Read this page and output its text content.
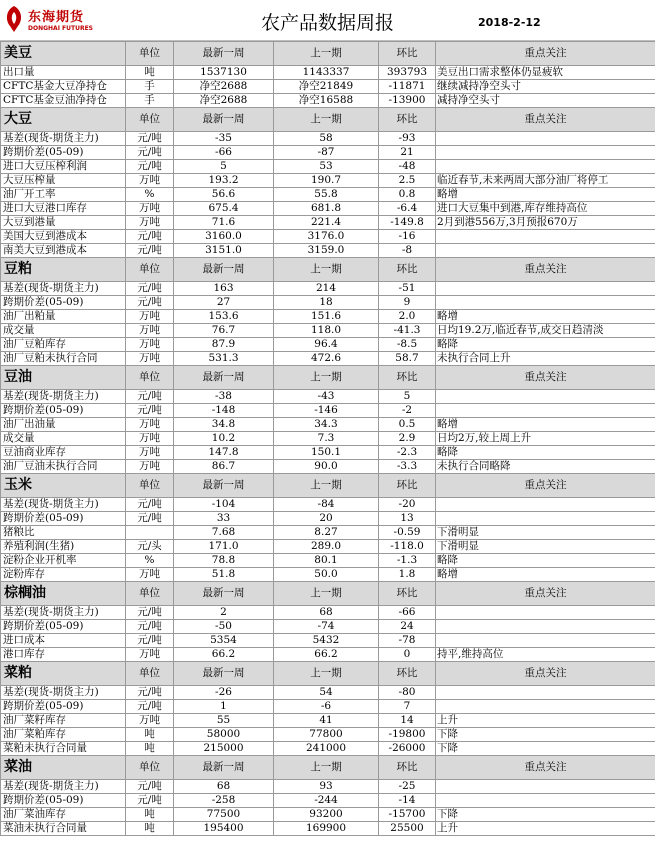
东海期货
DONGHAI FUTURES	农产品数据周报	2018-2-12
美豆	单位	最新一周	上一期	环比	重点关注
出口量	吨	1537130	1143337	393793	美豆出口需求整体仍显疲软
CFTC基金大豆净持仓	手	净空2688	净空21849	-11871	继续减持净空头寸
CFTC基金豆油净持仓	手	净空2688	净空16588	-13900	减持净空头寸
大豆	单位	最新一周	上一期	环比	重点关注
基差(现货-期货主力)	元/吨	-35	58	-93	
跨期价差(05-09)	元/吨	-66	-87	21	
进口大豆压榨利润	元/吨	5	53	-48	
大豆压榨量	万吨	193.2	190.7	2.5	临近春节,未来两周大部分油厂将停工
油厂开工率	%	56.6	55.8	0.8	略增
进口大豆港口库存	万吨	675.4	681.8	-6.4	进口大豆集中到港,库存维持高位
大豆到港量	万吨	71.6	221.4	-149.8	2月到港556万,3月预报670万
美国大豆到港成本	元/吨	3160.0	3176.0	-16	
南美大豆到港成本	元/吨	3151.0	3159.0	-8	
豆粕	单位	最新一周	上一期	环比	重点关注
基差(现货-期货主力)	元/吨	163	214	-51	
跨期价差(05-09)	元/吨	27	18	9	
油厂出粕量	万吨	153.6	151.6	2.0	略增
成交量	万吨	76.7	118.0	-41.3	日均19.2万,临近春节,成交日趋清淡
油厂豆粕库存	万吨	87.9	96.4	-8.5	略降
油厂豆粕未执行合同	万吨	531.3	472.6	58.7	未执行合同上升
豆油	单位	最新一周	上一期	环比	重点关注
基差(现货-期货主力)	元/吨	-38	-43	5	
跨期价差(05-09)	元/吨	-148	-146	-2	
油厂出油量	万吨	34.8	34.3	0.5	略增
成交量	万吨	10.2	7.3	2.9	日均2万,较上周上升
豆油商业库存	万吨	147.8	150.1	-2.3	略降
油厂豆油未执行合同	万吨	86.7	90.0	-3.3	未执行合同略降
玉米	单位	最新一周	上一期	环比	重点关注
基差(现货-期货主力)	元/吨	-104	-84	-20	
跨期价差(05-09)	元/吨	33	20	13	
猪粮比		7.68	8.27	-0.59	下滑明显
养殖利润(生猪)	元/头	171.0	289.0	-118.0	下滑明显
淀粉企业开机率	%	78.8	80.1	-1.3	略降
淀粉库存	万吨	51.8	50.0	1.8	略增
棕榈油	单位	最新一周	上一期	环比	重点关注
基差(现货-期货主力)	元/吨	2	68	-66	
跨期价差(05-09)	元/吨	-50	-74	24	
进口成本	元/吨	5354	5432	-78	
港口库存	万吨	66.2	66.2	0	持平,维持高位
菜粕	单位	最新一周	上一期	环比	重点关注
基差(现货-期货主力)	元/吨	-26	54	-80	
跨期价差(05-09)	元/吨	1	-6	7	
油厂菜籽库存	万吨	55	41	14	上升
油厂菜粕库存	吨	58000	77800	-19800	下降
菜粕未执行合同量	吨	215000	241000	-26000	下降
菜油	单位	最新一周	上一期	环比	重点关注
基差(现货-期货主力)	元/吨	68	93	-25	
跨期价差(05-09)	元/吨	-258	-244	-14	
油厂菜油库存	吨	77500	93200	-15700	下降
菜油未执行合同量	吨	195400	169900	25500	上升
